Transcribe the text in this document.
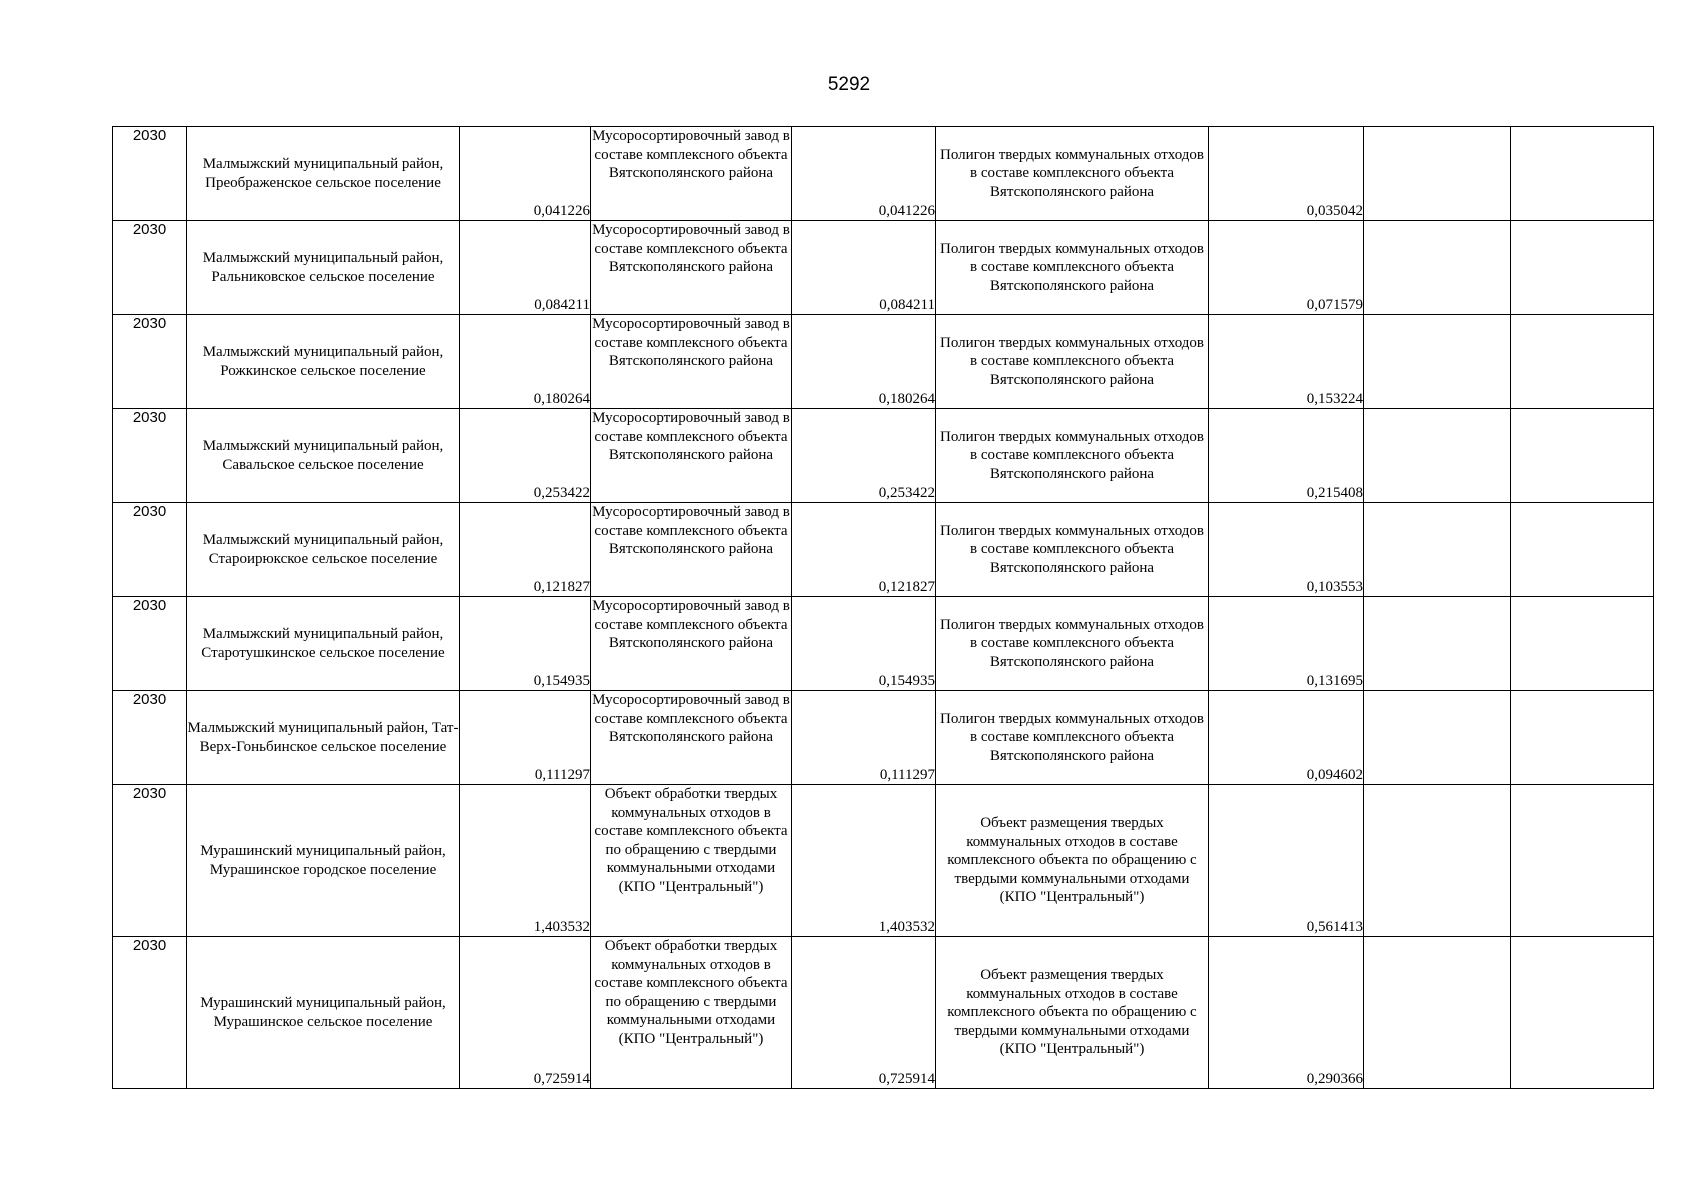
5292
2030	Малмыжский муниципальный район, Преображенское сельское поселение	0,041226	Мусоросортировочный завод в составе комплексного объекта Вятскополянского района	0,041226	Полигон твердых коммунальных отходов в составе комплексного объекта Вятскополянского района	0,035042		
2030	Малмыжский муниципальный район, Ральниковское сельское поселение	0,084211	Мусоросортировочный завод в составе комплексного объекта Вятскополянского района	0,084211	Полигон твердых коммунальных отходов в составе комплексного объекта Вятскополянского района	0,071579		
2030	Малмыжский муниципальный район, Рожкинское сельское поселение	0,180264	Мусоросортировочный завод в составе комплексного объекта Вятскополянского района	0,180264	Полигон твердых коммунальных отходов в составе комплексного объекта Вятскополянского района	0,153224		
2030	Малмыжский муниципальный район, Савальское сельское поселение	0,253422	Мусоросортировочный завод в составе комплексного объекта Вятскополянского района	0,253422	Полигон твердых коммунальных отходов в составе комплексного объекта Вятскополянского района	0,215408		
2030	Малмыжский муниципальный район, Староирюкское сельское поселение	0,121827	Мусоросортировочный завод в составе комплексного объекта Вятскополянского района	0,121827	Полигон твердых коммунальных отходов в составе комплексного объекта Вятскополянского района	0,103553		
2030	Малмыжский муниципальный район, Старотушкинское сельское поселение	0,154935	Мусоросортировочный завод в составе комплексного объекта Вятскополянского района	0,154935	Полигон твердых коммунальных отходов в составе комплексного объекта Вятскополянского района	0,131695		
2030	Малмыжский муниципальный район, Тат-Верх-Гоньбинское сельское поселение	0,111297	Мусоросортировочный завод в составе комплексного объекта Вятскополянского района	0,111297	Полигон твердых коммунальных отходов в составе комплексного объекта Вятскополянского района	0,094602		
2030	Мурашинский муниципальный район, Мурашинское городское поселение	1,403532	Объект обработки твердых коммунальных отходов в составе комплексного объекта по обращению с твердыми коммунальными отходами (КПО "Центральный")	1,403532	Объект размещения твердых коммунальных отходов в составе комплексного объекта по обращению с твердыми коммунальными отходами (КПО "Центральный")	0,561413		
2030	Мурашинский муниципальный район, Мурашинское сельское поселение	0,725914	Объект обработки твердых коммунальных отходов в составе комплексного объекта по обращению с твердыми коммунальными отходами (КПО "Центральный")	0,725914	Объект размещения твердых коммунальных отходов в составе комплексного объекта по обращению с твердыми коммунальными отходами (КПО "Центральный")	0,290366		
